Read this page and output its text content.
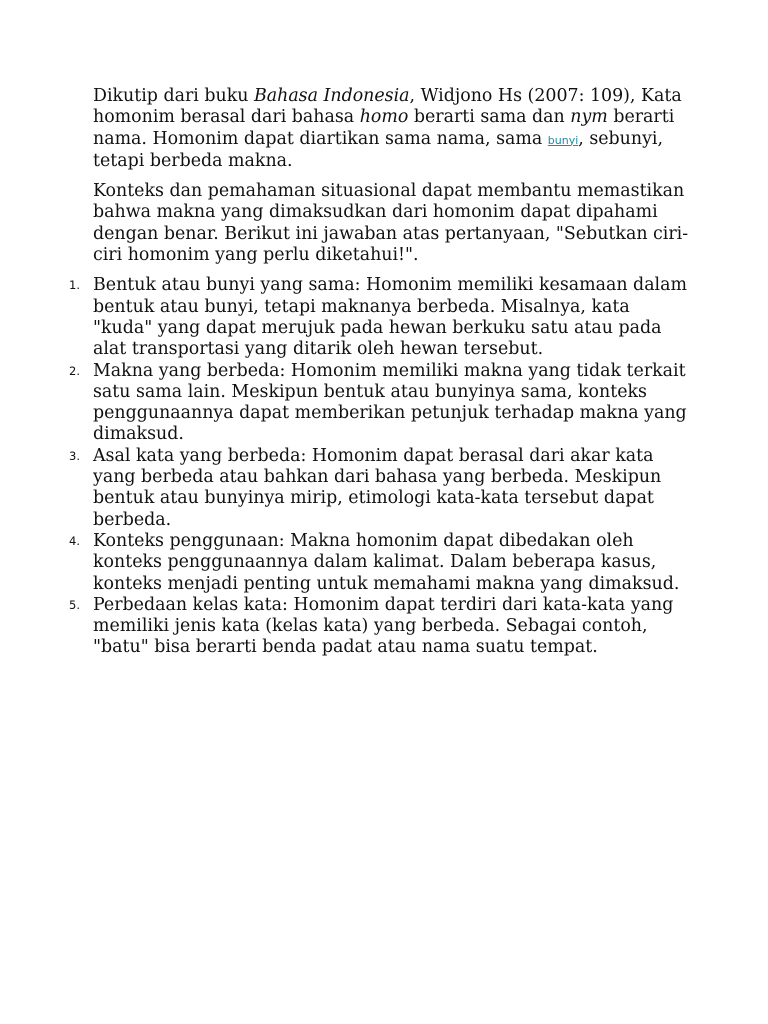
Dikutip dari buku Bahasa Indonesia, Widjono Hs (2007: 109), Kata homonim berasal dari bahasa homo berarti sama dan nym berarti nama. Homonim dapat diartikan sama nama, sama bunyi, sebunyi, tetapi berbeda makna.

Konteks dan pemahaman situasional dapat membantu memastikan bahwa makna yang dimaksudkan dari homonim dapat dipahami dengan benar. Berikut ini jawaban atas pertanyaan, "Sebutkan ciri-ciri homonim yang perlu diketahui!".

1. Bentuk atau bunyi yang sama: Homonim memiliki kesamaan dalam bentuk atau bunyi, tetapi maknanya berbeda. Misalnya, kata "kuda" yang dapat merujuk pada hewan berkuku satu atau pada alat transportasi yang ditarik oleh hewan tersebut.
2. Makna yang berbeda: Homonim memiliki makna yang tidak terkait satu sama lain. Meskipun bentuk atau bunyinya sama, konteks penggunaannya dapat memberikan petunjuk terhadap makna yang dimaksud.
3. Asal kata yang berbeda: Homonim dapat berasal dari akar kata yang berbeda atau bahkan dari bahasa yang berbeda. Meskipun bentuk atau bunyinya mirip, etimologi kata-kata tersebut dapat berbeda.
4. Konteks penggunaan: Makna homonim dapat dibedakan oleh konteks penggunaannya dalam kalimat. Dalam beberapa kasus, konteks menjadi penting untuk memahami makna yang dimaksud.
5. Perbedaan kelas kata: Homonim dapat terdiri dari kata-kata yang memiliki jenis kata (kelas kata) yang berbeda. Sebagai contoh, "batu" bisa berarti benda padat atau nama suatu tempat.
